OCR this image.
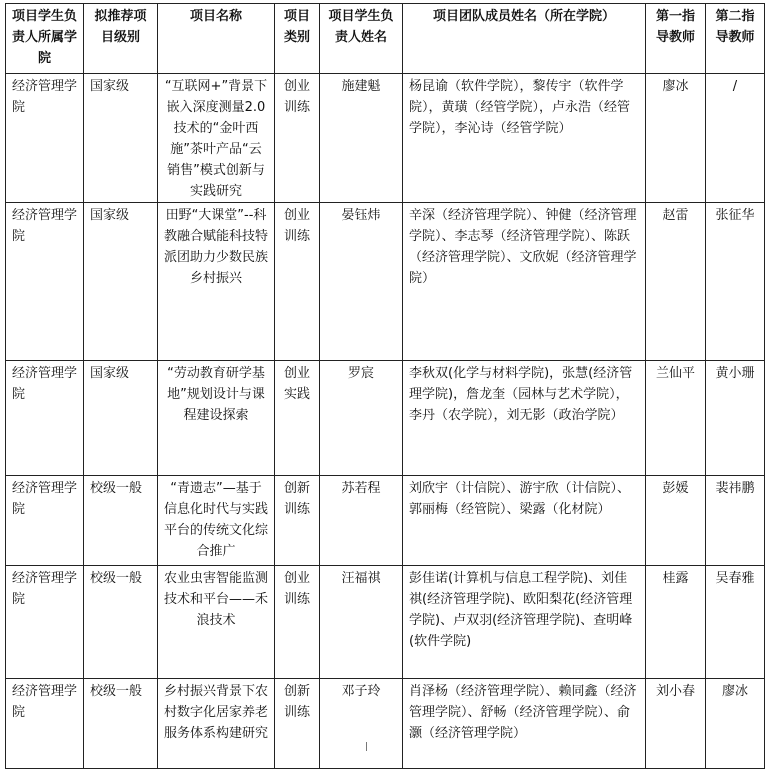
项目学生负责人所属学院	拟推荐项目级别	项目名称	项目类别	项目学生负责人姓名	项目团队成员姓名（所在学院）	第一指导教师	第二指导教师
经济管理学院	国家级	“互联网+”背景下嵌入深度测量2.0技术的“金叶西施”茶叶产品“云销售”模式创新与实践研究	创业训练	施建魁	杨昆谕（软件学院），黎传宇（软件学院），黄璜（经管学院），卢永浩（经管学院），李沁诗（经管学院）	廖冰	/
经济管理学院	国家级	田野“大课堂”--科教融合赋能科技特派团助力少数民族乡村振兴	创业训练	晏钰炜	辛深（经济管理学院）、钟健（经济管理学院）、李志琴（经济管理学院）、陈跃（经济管理学院）、文欣妮（经济管理学院）	赵雷	张征华
经济管理学院	国家级	“劳动教育研学基地”规划设计与课程建设探索	创业实践	罗宸	李秋双(化学与材料学院)，张慧(经济管理学院)，詹龙奎（园林与艺术学院），李丹（农学院），刘无影（政治学院）	兰仙平	黄小珊
经济管理学院	校级一般	“青遗志”—基于信息化时代与实践平台的传统文化综合推广	创新训练	苏若程	刘欣宇（计信院）、游宇欣（计信院）、郭丽梅（经管院）、梁露（化材院）	彭媛	裴祎鹏
经济管理学院	校级一般	农业虫害智能监测技术和平台——禾浪技术	创业训练	汪福祺	彭佳诺(计算机与信息工程学院)、刘佳祺(经济管理学院)、欧阳梨花(经济管理学院)、卢双羽(经济管理学院)、查明峰(软件学院)	桂露	吴春雅
经济管理学院	校级一般	乡村振兴背景下农村数字化居家养老服务体系构建研究	创新训练	邓子玲	肖泽杨（经济管理学院）、赖同鑫（经济管理学院）、舒畅（经济管理学院）、俞灏（经济管理学院）	刘小春	廖冰
